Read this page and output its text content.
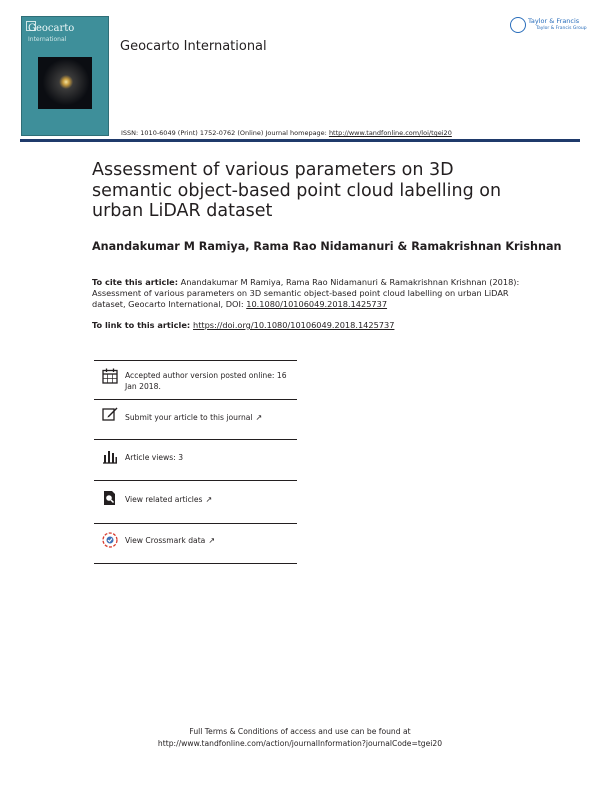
Geocarto
International	Geocarto International
Taylor & Francis
Taylor & Francis Group
ISSN: 1010-6049 (Print) 1752-0762 (Online) Journal homepage: http://www.tandfonline.com/loi/tgei20
Assessment of various parameters on 3D semantic object-based point cloud labelling on urban LiDAR dataset
Anandakumar M Ramiya, Rama Rao Nidamanuri & Ramakrishnan Krishnan
To cite this article: Anandakumar M Ramiya, Rama Rao Nidamanuri & Ramakrishnan Krishnan (2018): Assessment of various parameters on 3D semantic object-based point cloud labelling on urban LiDAR dataset, Geocarto International, DOI: 10.1080/10106049.2018.1425737
To link to this article: https://doi.org/10.1080/10106049.2018.1425737
Accepted author version posted online: 16 Jan 2018.
Submit your article to this journal ↗
Article views: 3
View related articles ↗
View Crossmark data ↗
Full Terms & Conditions of access and use can be found at
http://www.tandfonline.com/action/journalInformation?journalCode=tgei20
